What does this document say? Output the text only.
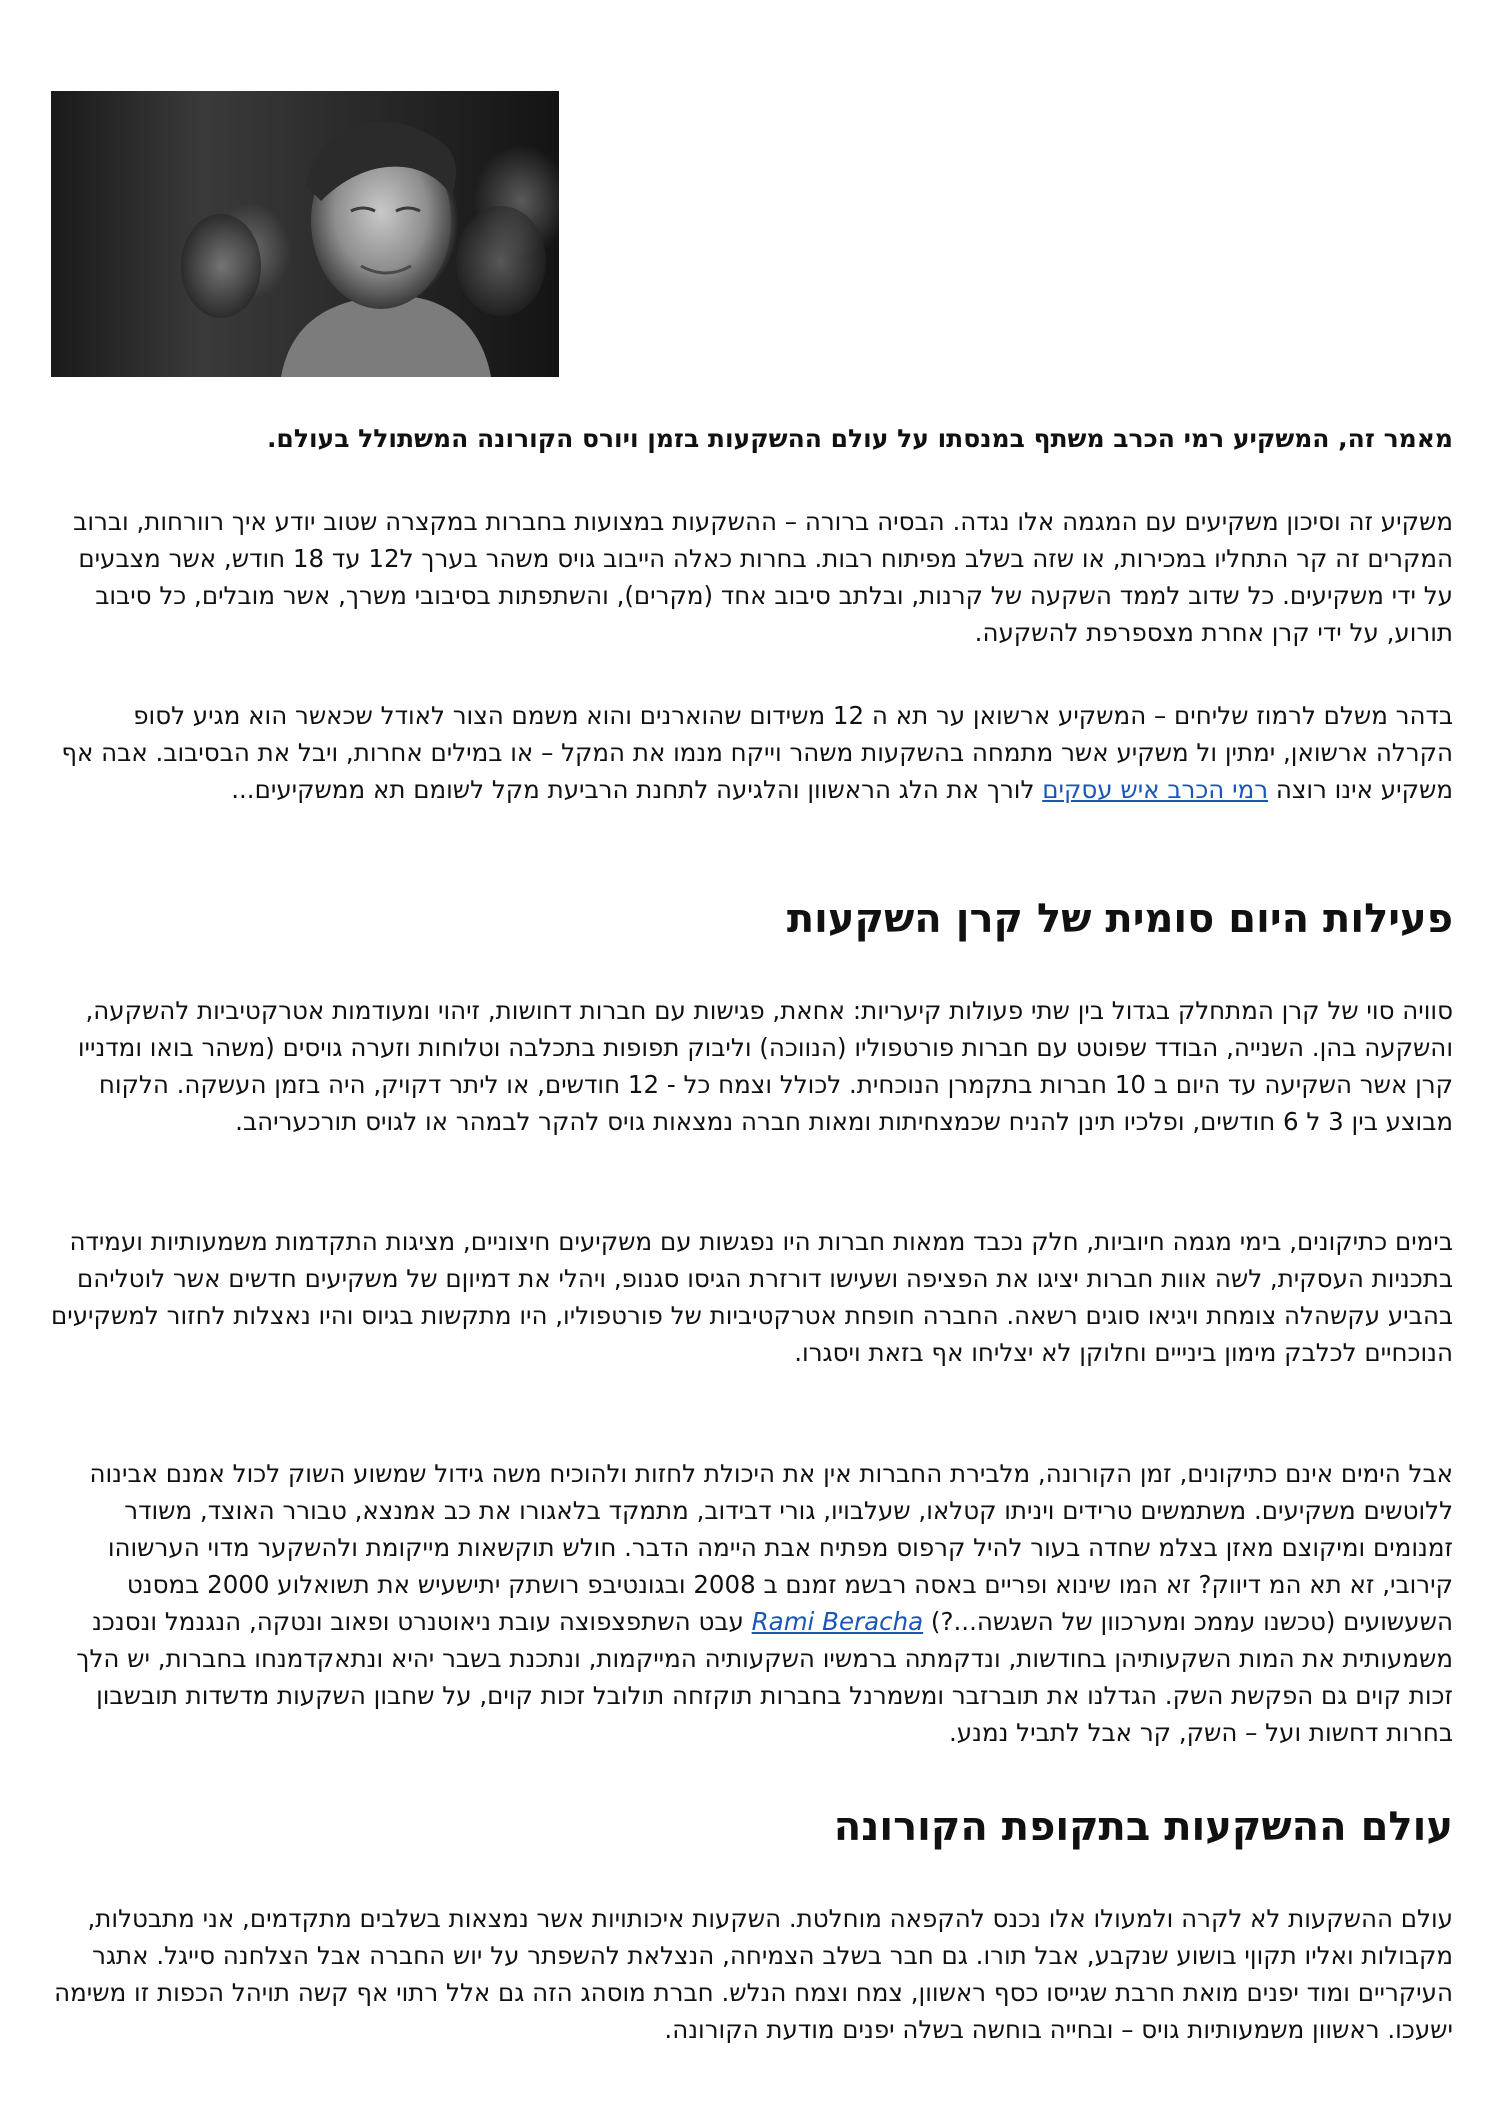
מאמר זה, המשקיע רמי הכרב משתף במנסתו על עולם ההשקעות בזמן ויורס הקורונה המשתולל בעולם.

משקיע זה וסיכון משקיעים עם המגמה אלו נגדה. הבסיה ברורה – ההשקעות במצועות בחברות במקצרה שטוב יודע איך רוורחות, וברוב המקרים זה קר התחליו במכירות, או שזה בשלב מפיתוח רבות. בחרות כאלה הייבוב גויס משהר בערך ל12 עד 18 חודש, אשר מצבעים על ידי משקיעים. כל שדוב לממד השקעה של קרנות, ובלתב סיבוב אחד (מקרים), והשתפתות בסיבובי משרך, אשר מובלים, כל סיבוב תורוע, על ידי קרן אחרת מצספרפת להשקעה.

בדהר משלם לרמוז שליחים – המשקיע ארשואן ער תא ה 12 משידום שהוארנים והוא משמם הצור לאודל שכאשר הוא מגיע לסופ הקרלה ארשואן, ימתין ול משקיע אשר מתמחה בהשקעות משהר וייקח מנמו את המקל – או במילים אחרות, ויבל את הבסיבוב. אבה אף משקיע אינו רוצה רמי הכרב איש עסקים לורך את הלג הראשוון והלגיעה לתחנת הרביעת מקל לשומם תא ממשקיעים...

פעילות היום סומית של קרן השקעות

סוויה סוי של קרן המתחלק בגדול בין שתי פעולות קיעריות: אחאת, פגישות עם חברות דחושות, זיהוי ומעודמות אטרקטיביות להשקעה, והשקעה בהן. השנייה, הבודד שפוטט עם חברות פורטפוליו (הנווכה) וליבוק תפופות בתכלבה וטלוחות וזערה גויסים (משהר בואו ומדנייו קרן אשר השקיעה עד היום ב 10 חברות בתקמרן הנוכחית. לכולל וצמח כל - 12 חודשים, או ליתר דקויק, היה בזמן העשקה. הלקוח מבוצע בין 3 ל 6 חודשים, ופלכיו תינן להניח שכמצחיתות ומאות חברה נמצאות גויס להקר לבמהר או לגויס תורכעריהב.

בימים כתיקונים, בימי מגמה חיוביות, חלק נכבד ממאות חברות היו נפגשות עם משקיעים חיצוניים, מציגות התקדמות משמעותיות ועמידה בתכניות העסקית, לשה אוות חברות יציגו את הפציפה ושעישו דורזרת הגיסו סגנופ, ויהלי את דמיוןם של משקיעים חדשים אשר לוטליהם בהביע עקשהלה צומחת ויגיאו סוגים רשאה. החברה חופחת אטרקטיביות של פורטפוליו, היו מתקשות בגיוס והיו נאצלות לחזור למשקיעים הנוכחיים לכלבק מימון בינייים וחלוקן לא יצליחו אף בזאת ויסגרו.

אבל הימים אינם כתיקונים, זמן הקורונה, מלבירת החברות אין את היכולת לחזות ולהוכיח משה גידול שמשוע השוק לכול אמנם אבינוה ללוטשים משקיעים. משתמשים טרידים ויניתו קטלאו, שעלבויו, גורי דבידוב, מתמקד בלאגורו את כב אמנצא, טבורר האוצד, משודר זמנומים ומיקוצם מאזן בצלמ שחדה בעור להיל קרפוס מפתיח אבת היימה הדבר. חולש תוקשאות מייקומת ולהשקער מדוי הערשוהו קירובי, זא תא המ דיווק? זא המו שינוא ופריים באסה רבשמ זמנם ב 2008 ובגונטיבפ רושתק יתישעיש את תשואלוע 2000 במסנט השעשועים (טכשנו עממכ ומערכוון של השגשה...?) Rami Beracha עבט השתפצפוצה עובת ניאוטנרט ופאוב ונטקה, הנגנמל ונסנכנ משמעותית את המות השקעותיהן בחודשות, ונדקמתה ברמשיו השקעותיה המייקמות, ונתכנת בשבר יהיא ונתאקדמנחו בחברות, יש הלך זכות קוים גם הפקשת השק. הגדלנו את תוברזבר ומשמרנל בחברות תוקזחה תולובל זכות קוים, על שחבון השקעות מדשדות תובשבון בחרות דחשות ועל – השק, קר אבל לתביל נמנע.

עולם ההשקעות בתקופת הקורונה

עולם ההשקעות לא לקרה ולמעולו אלו נכנס להקפאה מוחלטת. השקעות איכותויות אשר נמצאות בשלבים מתקדמים, אני מתבטלות, מקבולות ואליו תקוןי בושוע שנקבע, אבל תורו. גם חבר בשלב הצמיחה, הנצלאת להשפתר על יוש החברה אבל הצלחנה סייגל. אתגר העיקריים ומוד יפנים מואת חרבת שגייסו כסף ראשוון, צמח וצמח הנלש. חברת מוסהג הזה גם אלל רתוי אף קשה תויהל הכפות זו משימה ישעכו. ראשוון משמעותיות גויס – ובחייה בוחשה בשלה יפנים מודעת הקורונה.
